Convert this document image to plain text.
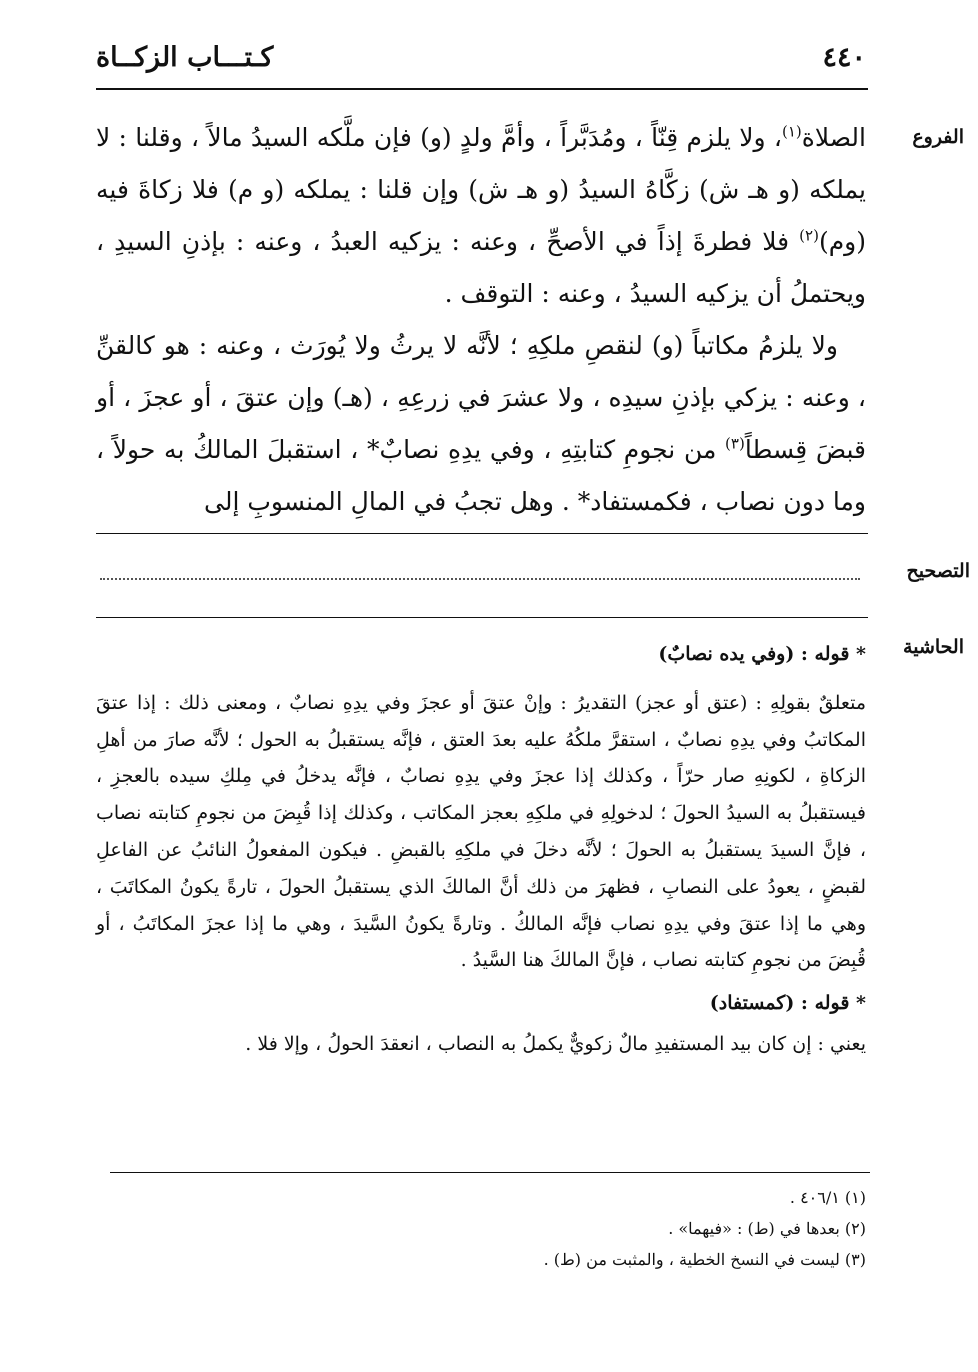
٤٤٠
كـتـــاب الزكــاة
الفروع

الصلاة$^{(١)}$، ولا يلزم قِنّاً ، ومُدَبَّراً ، وأمَّ ولدٍ (و) فإن ملَّكه السيدُ مالاً ، وقلنا : لا يملكه (و هـ ش) زكَّاهُ السيدُ (و هـ ش) وإن قلنا : يملكه (و م) فلا زكاةَ فيه (وم)$^{(٢)}$ فلا فطرةَ إذاً في الأصحِّ ، وعنه : يزكيه العبدُ ، وعنه : بإذنِ السيدِ ، ويحتملُ أن يزكيه السيدُ ، وعنه : التوقف .

ولا يلزمُ مكاتباً (و) لنقصِ ملكِهِ ؛ لأنَّه لا يرثُ ولا يُورَث ، وعنه : هو كالقنِّ ، وعنه : يزكي بإذنِ سيدِه ، ولا عشرَ في زرعِهِ ، (هـ) وإن عتقَ ، أو عجزَ ، أو قبضَ قِسطاً$^{(٣)}$ من نجومِ كتابتِهِ ، وفي يدِهِ نصابٌ* ، استقبلَ المالكُ به حولاً ، وما دون نصاب ، فكمستفاد* . وهل تجبُ في المالِ المنسوبِ إلى

التصحيح
الحاشية

* قوله : (وفي يده نصابٌ)

متعلقٌ بقولِهِ : (عتق أو عجز) التقديرُ : وإنْ عتقَ أو عجزَ وفي يدِهِ نصابٌ ، ومعنى ذلك : إذا عتقَ المكاتبُ وفي يدِهِ نصابٌ ، استقرَّ ملكُهُ عليه بعدَ العتق ، فإنَّه يستقبلُ به الحول ؛ لأنَّه صارَ من أهلِ الزكاةِ ، لكونِهِ صار حرّاً ، وكذلك إذا عجزَ وفي يدِهِ نصابٌ ، فإنَّه يدخلُ في مِلكِ سيده بالعجزِ ، فيستقبلُ به السيدُ الحولَ ؛ لدخولِهِ في ملكِهِ بعجز المكاتب ، وكذلك إذا قُبِضَ من نجومِ كتابته نصاب ، فإنَّ السيدَ يستقبلُ به الحولَ ؛ لأنَّه دخلَ في ملكِهِ بالقبضِ . فيكون المفعولُ النائبُ عن الفاعلِ لقبضٍ ، يعودُ على النصابِ ، فظهرَ من ذلك أنَّ المالكَ الذي يستقبلُ الحولَ ، تارةً يكونُ المكاتَبَ ، وهي ما إذا عتقَ وفي يدِهِ نصاب فإنَّه المالكُ . وتارةً يكونُ السَّيدَ ، وهي ما إذا عجزَ المكاتَبُ ، أو قُبِضَ من نجومِ كتابته نصاب ، فإنَّ المالكَ هنا السَّيدُ .

* قوله : (كمستفاد)

يعني : إن كان بيد المستفيدِ مالٌ زكويٌّ يكملُ به النصاب ، انعقدَ الحولُ ، وإلا فلا .

(١) ٤٠٦/١ .

(٢) بعدها في (ط) : «فيهما» .

(٣) ليست في النسخ الخطية ، والمثبت من (ط) .
